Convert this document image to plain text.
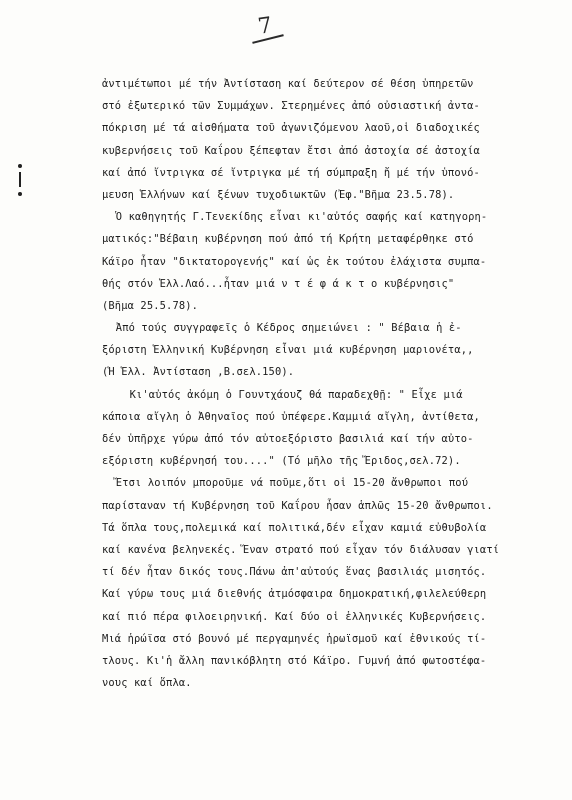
7
ἀντιμέτωποι μέ τήν Ἀντίσταση καί δεύτερον σέ θέση ὑπηρετῶν
στό ἐξωτερικό τῶν Συμμάχων. Στερημένες ἀπό οὐσιαστική ἀντα-
πόκριση μέ τά αἰσθήματα τοῦ ἀγωνιζόμενου λαοῦ,οἱ διαδοχικές
κυβερνήσεις τοῦ Καΐρου ξέπεφταν ἔτσι ἀπό ἀστοχία σέ ἀστοχία
καί ἀπό ἴντριγκα σέ ἴντριγκα μέ τή σύμπραξη ἤ μέ τήν ὑπονό-
μευση Ἑλλήνων καί ξένων τυχοδιωκτῶν (Ἐφ."Βῆμα 23.5.78).
Ὁ καθηγητής Γ.Τενεκίδης εἶναι κι'αὐτός σαφής καί κατηγορη-
ματικός:"Βέβαιη κυβέρνηση πού ἀπό τή Κρήτη μεταφέρθηκε στό
Κάϊρο ἦταν "δικτατορογενής" καί ὡς ἐκ τούτου ἐλάχιστα συμπα-
θής στόν Ἑλλ.Λαό...ἦταν μιά ν τ έ φ ά κ τ ο κυβέρνησις"
(Βῆμα 25.5.78).
Ἀπό τούς συγγραφεῖς ὁ Κέδρος σημειώνει : " Βέβαια ἡ ἐ-
ξόριστη Ἑλληνική Κυβέρνηση εἶναι μιά κυβέρνηση μαριονέτα,,
(Ἡ Ἑλλ. Ἀντίσταση ,Β.σελ.150).
Κι'αὐτός ἀκόμη ὁ Γουντχάουζ θά παραδεχθῇ: " Εἶχε μιά
κάποια αἴγλη ὁ Ἀθηναῖος πού ὑπέφερε.Καμμιά αἴγλη, ἀντίθετα,
δέν ὑπῆρχε γύρω ἀπό τόν αὐτοεξόριστο βασιλιά καί τήν αὐτο-
εξόριστη κυβέρνησή του...." (Τό μῆλο τῆς Ἔριδος,σελ.72).
Ἔτσι λοιπόν μποροῦμε νά ποῦμε,ὅτι οἱ 15-20 ἄνθρωποι πού
παρίσταναν τή Κυβέρνηση τοῦ Καΐρου ἦσαν ἁπλῶς 15-20 ἄνθρωποι.
Τά ὅπλα τους,πολεμικά καί πολιτικά,δέν εἶχαν καμιά εὐθυβολία
καί κανένα βεληνεκές. Ἕναν στρατό πού εἶχαν τόν διάλυσαν γιατί
τί δέν ἦταν δικός τους.Πάνω ἀπ'αὐτούς ἕνας βασιλιάς μισητός.
Καί γύρω τους μιά διεθνής ἀτμόσφαιρα δημοκρατική,φιλελεύθερη
καί πιό πέρα φιλοειρηνική. Καί δύο οἱ ἑλληνικές Κυβερνήσεις.
Μιά ἡρώϊσα στό βουνό μέ περγαμηνές ἡρωϊσμοῦ καί ἐθνικούς τί-
τλους. Κι'ἡ ἄλλη πανικόβλητη στό Κάϊρο. Γυμνή ἀπό φωτοστέφα-
νους καί ὅπλα.
